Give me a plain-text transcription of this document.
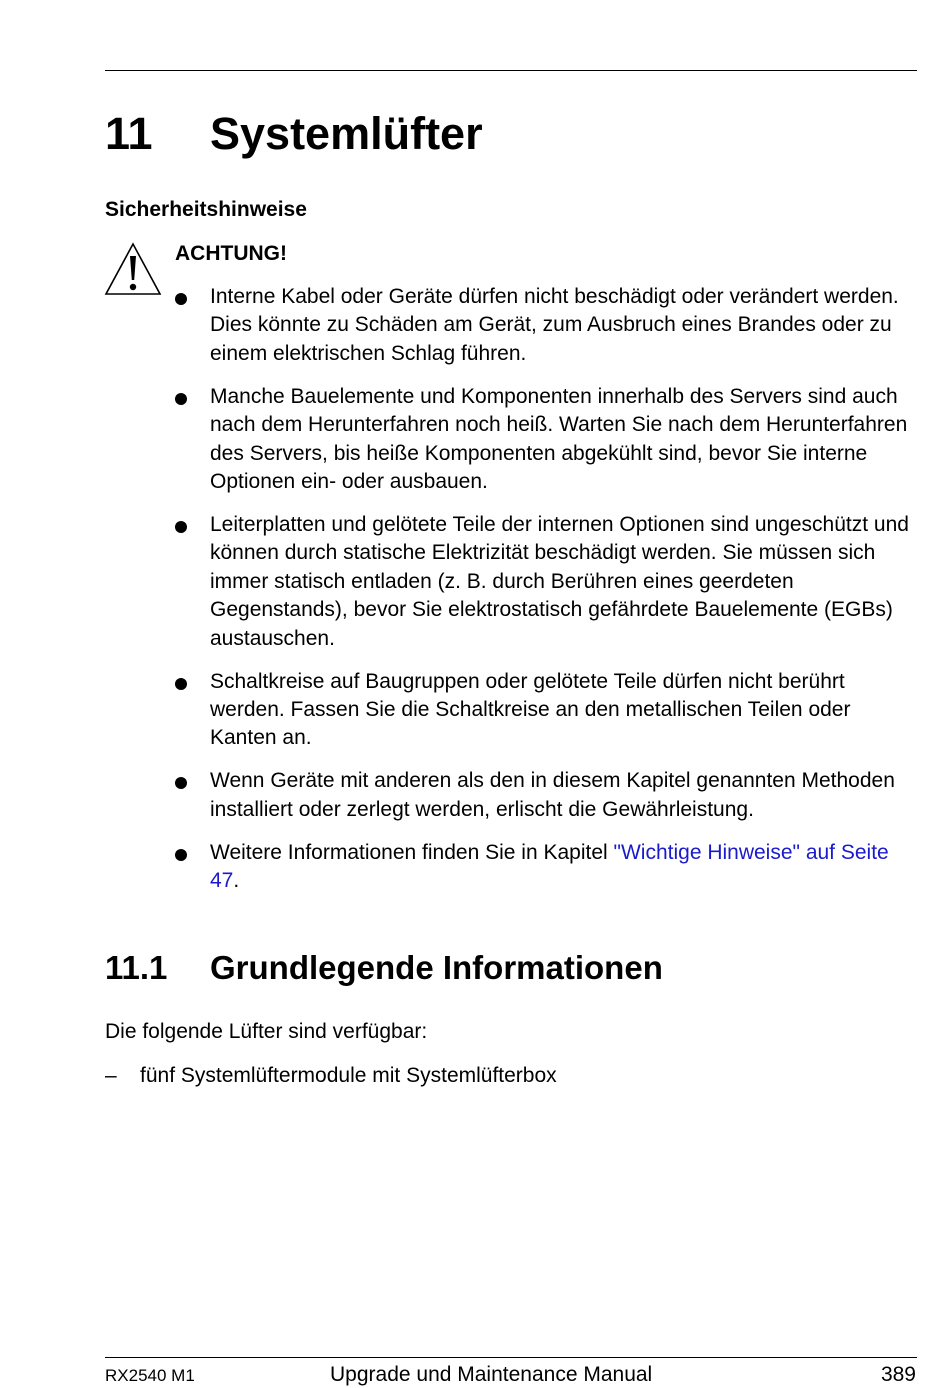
11 Systemlüfter
Sicherheitshinweise
ACHTUNG!
Interne Kabel oder Geräte dürfen nicht beschädigt oder verändert werden. Dies könnte zu Schäden am Gerät, zum Ausbruch eines Brandes oder zu einem elektrischen Schlag führen.
Manche Bauelemente und Komponenten innerhalb des Servers sind auch nach dem Herunterfahren noch heiß. Warten Sie nach dem Herunterfahren des Servers, bis heiße Komponenten abgekühlt sind, bevor Sie interne Optionen ein- oder ausbauen.
Leiterplatten und gelötete Teile der internen Optionen sind ungeschützt und können durch statische Elektrizität beschädigt werden. Sie müssen sich immer statisch entladen (z. B. durch Berühren eines geerdeten Gegenstands), bevor Sie elektrostatisch gefährdete Bauelemente (EGBs) austauschen.
Schaltkreise auf Baugruppen oder gelötete Teile dürfen nicht berührt werden. Fassen Sie die Schaltkreise an den metallischen Teilen oder Kanten an.
Wenn Geräte mit anderen als den in diesem Kapitel genannten Methoden installiert oder zerlegt werden, erlischt die Gewährleistung.
Weitere Informationen finden Sie in Kapitel "Wichtige Hinweise" auf Seite 47.
11.1 Grundlegende Informationen

Die folgende Lüfter sind verfügbar:

– fünf Systemlüftermodule mit Systemlüfterbox

RX2540 M1	Upgrade und Maintenance Manual	389
